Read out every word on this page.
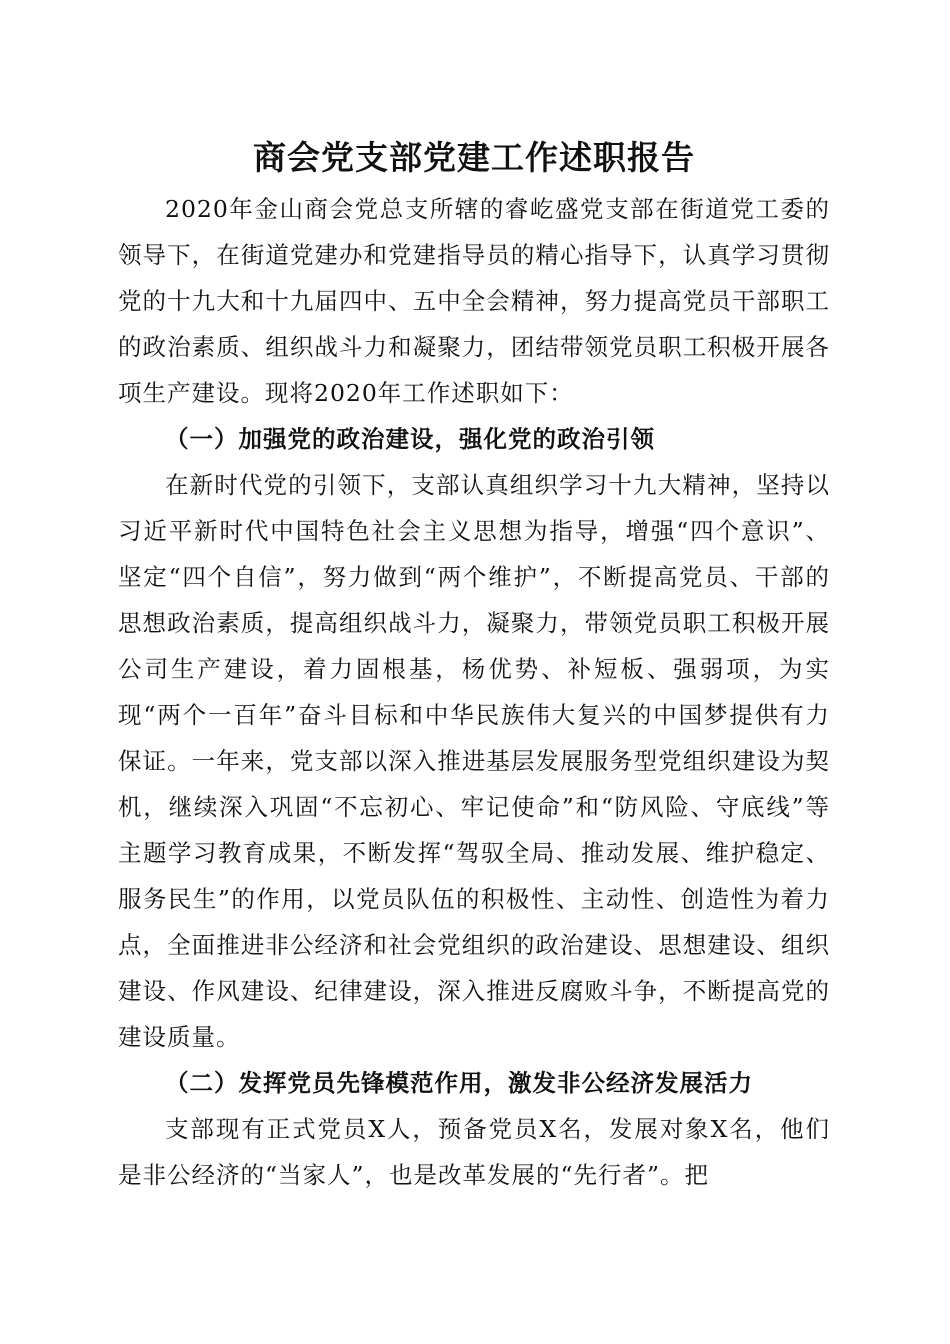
商会党支部党建工作述职报告

2020年金山商会党总支所辖的睿屹盛党支部在街道党工委的领导下，在街道党建办和党建指导员的精心指导下，认真学习贯彻党的十九大和十九届四中、五中全会精神，努力提高党员干部职工的政治素质、组织战斗力和凝聚力，团结带领党员职工积极开展各项生产建设。现将2020年工作述职如下：

（一）加强党的政治建设，强化党的政治引领

在新时代党的引领下，支部认真组织学习十九大精神，坚持以习近平新时代中国特色社会主义思想为指导，增强“四个意识”、坚定“四个自信”，努力做到“两个维护”，不断提高党员、干部的思想政治素质，提高组织战斗力，凝聚力，带领党员职工积极开展公司生产建设，着力固根基，杨优势、补短板、强弱项，为实现“两个一百年”奋斗目标和中华民族伟大复兴的中国梦提供有力保证。一年来，党支部以深入推进基层发展服务型党组织建设为契机，继续深入巩固“不忘初心、牢记使命”和“防风险、守底线”等主题学习教育成果，不断发挥“驾驭全局、推动发展、维护稳定、服务民生”的作用，以党员队伍的积极性、主动性、创造性为着力点，全面推进非公经济和社会党组织的政治建设、思想建设、组织建设、作风建设、纪律建设，深入推进反腐败斗争，不断提高党的建设质量。

（二）发挥党员先锋模范作用，激发非公经济发展活力

支部现有正式党员X人，预备党员X名，发展对象X名，他们是非公经济的“当家人”，也是改革发展的“先行者”。把
